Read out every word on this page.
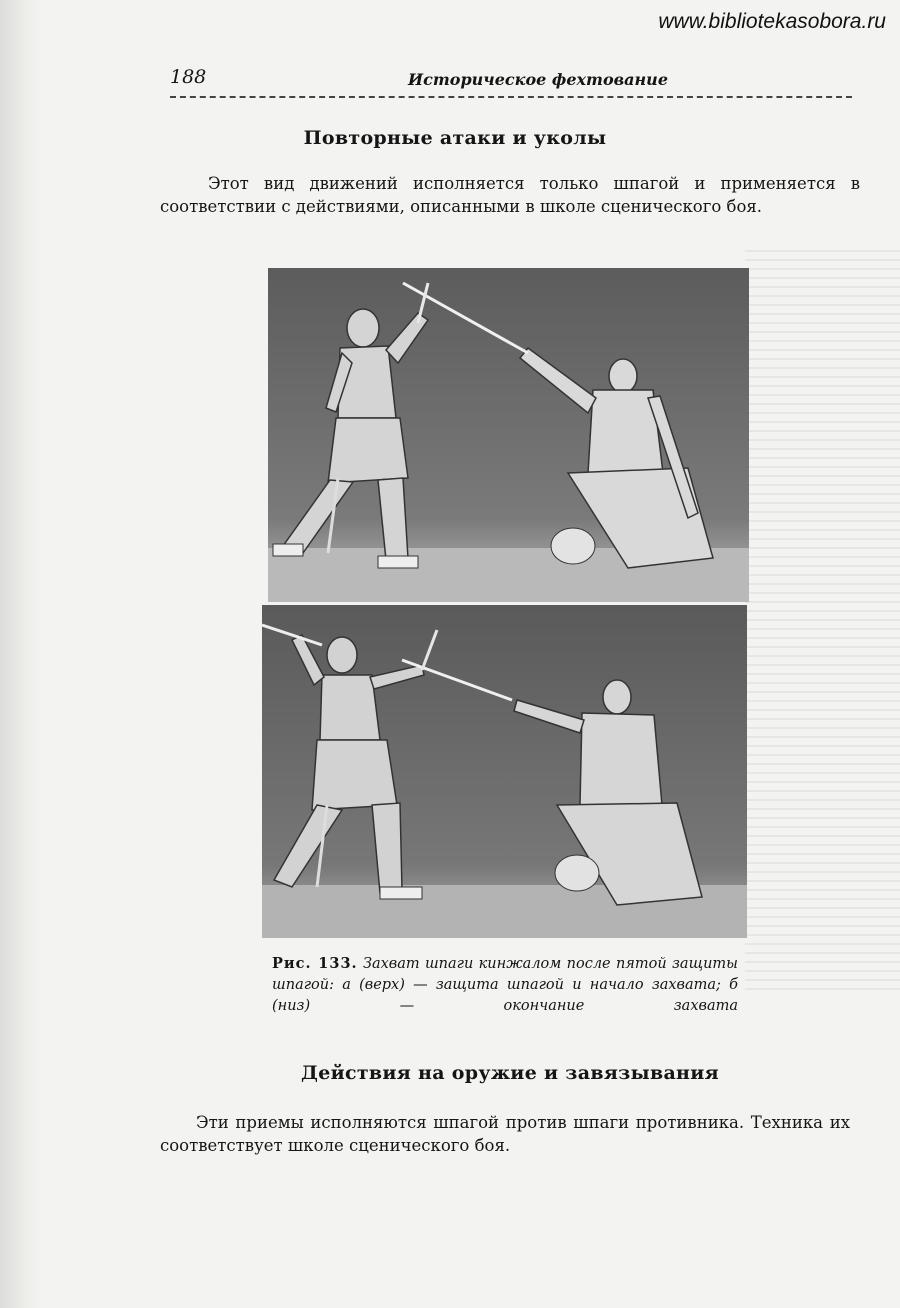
www.bibliotekasobora.ru
188	Историческое фехтование
Повторные атаки и уколы
Этот вид движений исполняется только шпагой и применяется в соответствии с действиями, описанными в школе сценического боя.
Рис. 133. Захват шпаги кинжалом после пятой защиты шпагой: а (верх) — защита шпагой и начало захвата; б (низ) — окончание захвата
Действия на оружие и завязывания
Эти приемы исполняются шпагой против шпаги противника. Техника их соответствует школе сценического боя.
